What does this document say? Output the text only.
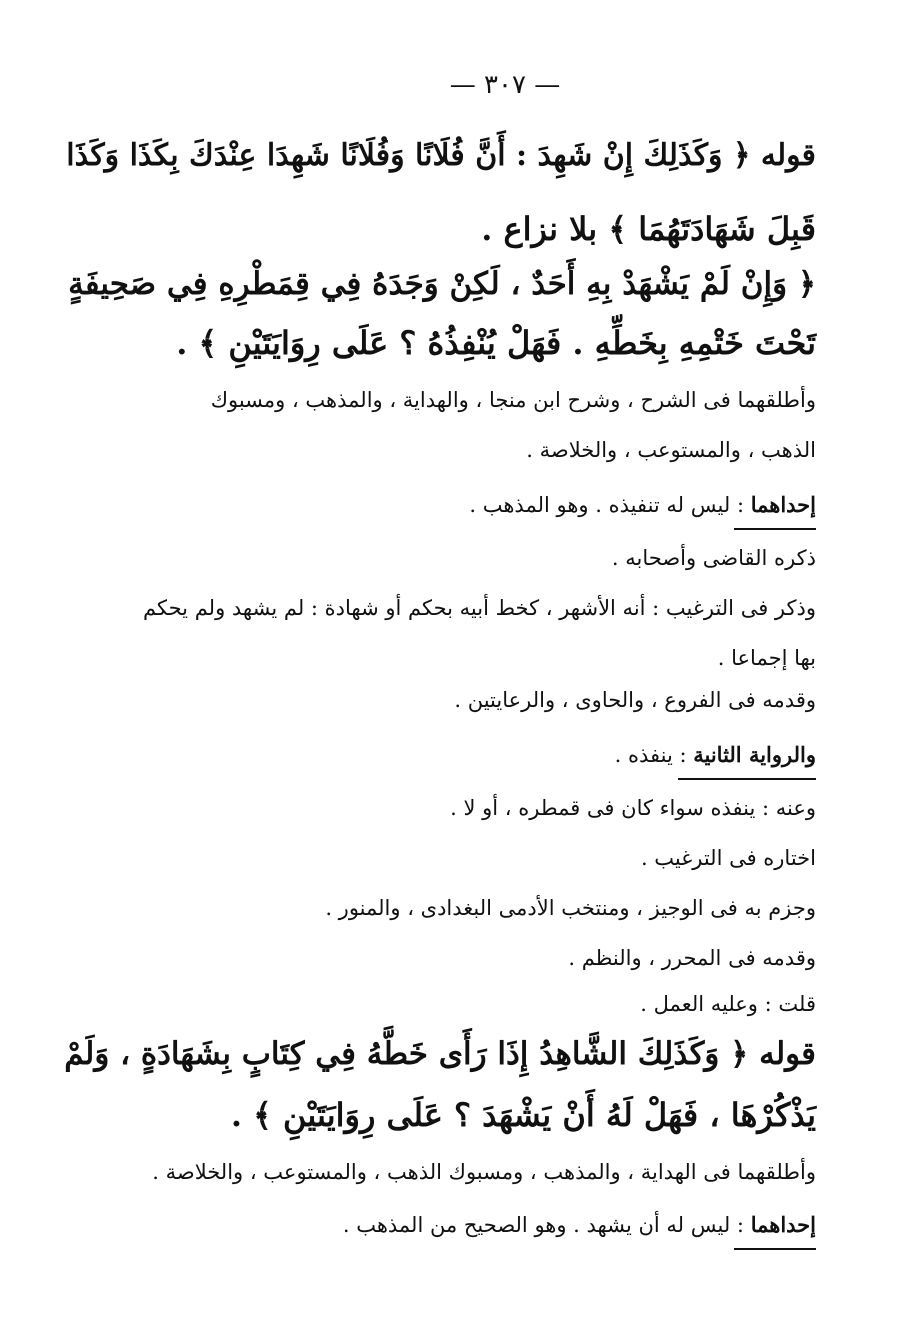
— ٣٠٧ —
قوله ﴿ وَكَذَلِكَ إِنْ شَهِدَ : أَنَّ فُلَانًا وَفُلَانًا شَهِدَا عِنْدَكَ بِكَذَا وَكَذَا
قَبِلَ شَهَادَتَهُمَا ﴾ بلا نزاع .
﴿ وَإِنْ لَمْ يَشْهَدْ بِهِ أَحَدٌ ، لَكِنْ وَجَدَهُ فِي قِمَطْرِهِ فِي صَحِيفَةٍ
تَحْتَ خَتْمِهِ بِخَطِّهِ . فَهَلْ يُنْفِذُهُ ؟ عَلَى رِوَايَتَيْنِ ﴾ .
وأطلقهما فى الشرح ، وشرح ابن منجا ، والهداية ، والمذهب ، ومسبوك
الذهب ، والمستوعب ، والخلاصة .
إحداهما : ليس له تنفيذه . وهو المذهب .
ذكره القاضى وأصحابه .
وذكر فى الترغيب : أنه الأشهر ، كخط أبيه بحكم أو شهادة : لم يشهد ولم يحكم
بها إجماعا .
وقدمه فى الفروع ، والحاوى ، والرعايتين .
والرواية الثانية : ينفذه .
وعنه : ينفذه سواء كان فى قمطره ، أو لا .
اختاره فى الترغيب .
وجزم به فى الوجيز ، ومنتخب الأدمى البغدادى ، والمنور .
وقدمه فى المحرر ، والنظم .
قلت : وعليه العمل .
قوله ﴿ وَكَذَلِكَ الشَّاهِدُ إِذَا رَأَى خَطَّهُ فِي كِتَابٍ بِشَهَادَةٍ ، وَلَمْ
يَذْكُرْهَا ، فَهَلْ لَهُ أَنْ يَشْهَدَ ؟ عَلَى رِوَايَتَيْنِ ﴾ .
وأطلقهما فى الهداية ، والمذهب ، ومسبوك الذهب ، والمستوعب ، والخلاصة .
إحداهما : ليس له أن يشهد . وهو الصحيح من المذهب .
